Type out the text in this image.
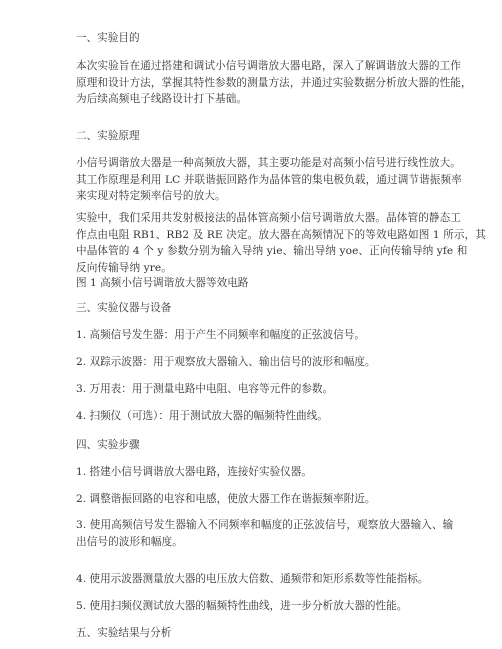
一、实验目的
本次实验旨在通过搭建和调试小信号调谐放大器电路，深入了解调谐放大器的工作
原理和设计方法，掌握其特性参数的测量方法，并通过实验数据分析放大器的性能，
为后续高频电子线路设计打下基础。
二、实验原理
小信号调谐放大器是一种高频放大器，其主要功能是对高频小信号进行线性放大。
其工作原理是利用 LC 并联谐振回路作为晶体管的集电极负载，通过调节谐振频率
来实现对特定频率信号的放大。
实验中，我们采用共发射极接法的晶体管高频小信号调谐放大器。晶体管的静态工
作点由电阻 RB1、RB2 及 RE 决定。放大器在高频情况下的等效电路如图 1 所示，其
中晶体管的 4 个 y 参数分别为输入导纳 yie、输出导纳 yoe、正向传输导纳 yfe 和
反向传输导纳 yre。
图 1 高频小信号调谐放大器等效电路
三、实验仪器与设备
1. 高频信号发生器：用于产生不同频率和幅度的正弦波信号。
2. 双踪示波器：用于观察放大器输入、输出信号的波形和幅度。
3. 万用表：用于测量电路中电阻、电容等元件的参数。
4. 扫频仪（可选）：用于测试放大器的幅频特性曲线。
四、实验步骤
1. 搭建小信号调谐放大器电路，连接好实验仪器。
2. 调整谐振回路的电容和电感，使放大器工作在谐振频率附近。
3. 使用高频信号发生器输入不同频率和幅度的正弦波信号，观察放大器输入、输
出信号的波形和幅度。
4. 使用示波器测量放大器的电压放大倍数、通频带和矩形系数等性能指标。
5. 使用扫频仪测试放大器的幅频特性曲线，进一步分析放大器的性能。
五、实验结果与分析
